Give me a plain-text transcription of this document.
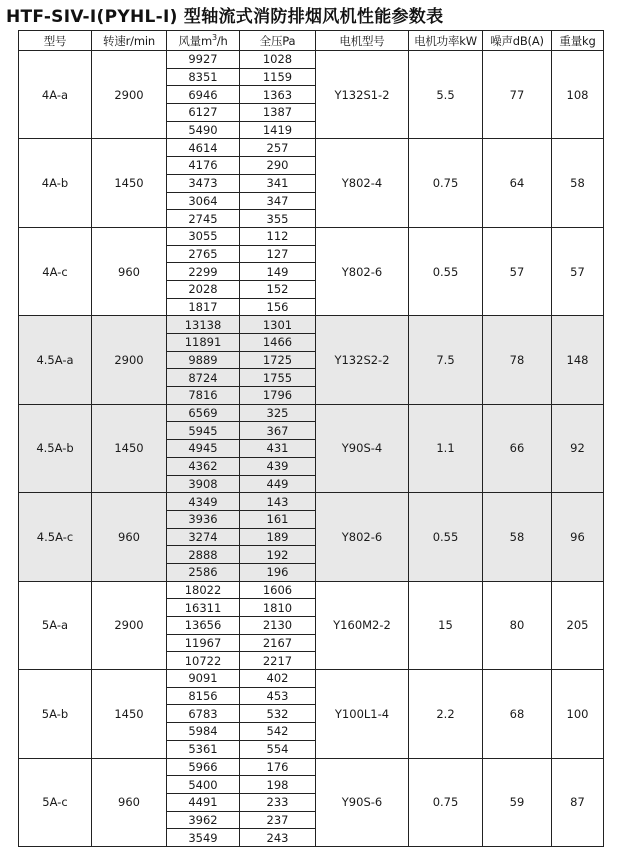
HTF-SIV-I(PYHL-I) 型轴流式消防排烟风机性能参数表
型号	转速r/min	风量$m^3/h$	全压Pa	电机型号	电机功率kW	噪声dB(A)	重量kg
4A-a	2900	9927	1028	Y132S1-2	5.5	77	108
		8351	1159				
		6946	1363				
		6127	1387				
		5490	1419				
4A-b	1450	4614	257	Y802-4	0.75	64	58
		4176	290				
		3473	341				
		3064	347				
		2745	355				
4A-c	960	3055	112	Y802-6	0.55	57	57
		2765	127				
		2299	149				
		2028	152				
		1817	156				
4.5A-a	2900	13138	1301	Y132S2-2	7.5	78	148
		11891	1466				
		9889	1725				
		8724	1755				
		7816	1796				
4.5A-b	1450	6569	325	Y90S-4	1.1	66	92
		5945	367				
		4945	431				
		4362	439				
		3908	449				
4.5A-c	960	4349	143	Y802-6	0.55	58	96
		3936	161				
		3274	189				
		2888	192				
		2586	196				
5A-a	2900	18022	1606	Y160M2-2	15	80	205
		16311	1810				
		13656	2130				
		11967	2167				
		10722	2217				
5A-b	1450	9091	402	Y100L1-4	2.2	68	100
		8156	453				
		6783	532				
		5984	542				
		5361	554				
5A-c	960	5966	176	Y90S-6	0.75	59	87
		5400	198				
		4491	233				
		3962	237				
		3549	243				
